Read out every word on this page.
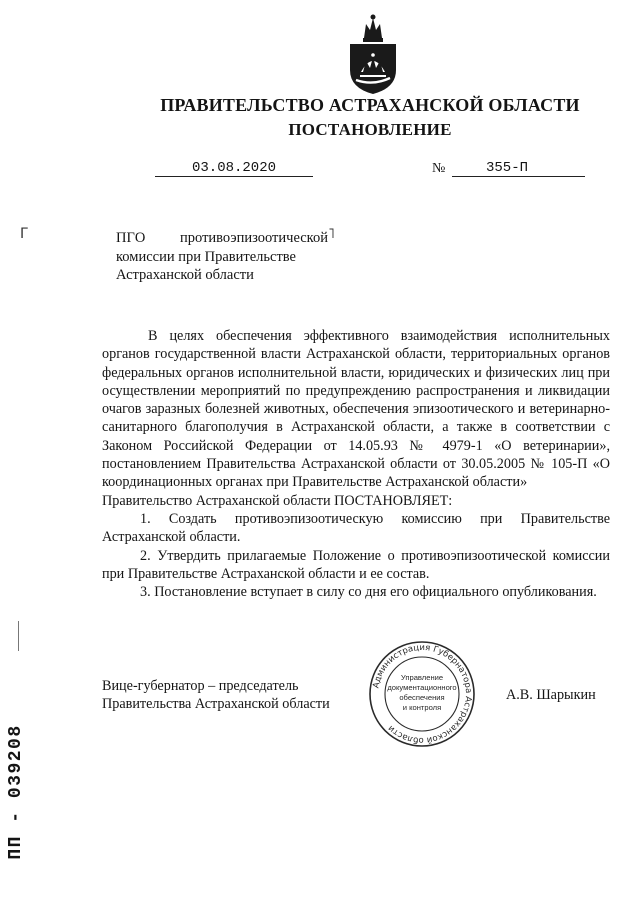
ПРАВИТЕЛЬСТВО АСТРАХАНСКОЙ ОБЛАСТИ
ПОСТАНОВЛЕНИЕ
03.08.2020	№	355-П
Г	˥
ΠΓΟ противоэпизоотической
комиссии при Правительстве
Астраханской области

В целях обеспечения эффективного взаимодействия исполнительных органов государственной власти Астраханской области, территориальных органов федеральных органов исполнительной власти, юридических и физических лиц при осуществлении мероприятий по предупреждению распространения и ликвидации очагов заразных болезней животных, обеспечения эпизоотического и ветеринарно-санитарного благополучия в Астраханской области, а также в соответствии с Законом Российской Федерации от 14.05.93 № 4979-1 «О ветеринарии», постановлением Правительства Астраханской области от 30.05.2005 № 105-П «О координационных органах при Правительстве Астраханской области»

Правительство Астраханской области ПОСТАНОВЛЯЕТ:

1. Создать противоэпизоотическую комиссию при Правительстве Астраханской области.

2. Утвердить прилагаемые Положение о противоэпизоотической комиссии при Правительстве Астраханской области и ее состав.

3. Постановление вступает в силу со дня его официального опубликования.

Вице-губернатор – председатель
Правительства Астраханской области
А.В. Шарыкин
Администрация Губернатора Астраханской области
Управление
документационного
обеспечения
и контроля
ПП - 039208
